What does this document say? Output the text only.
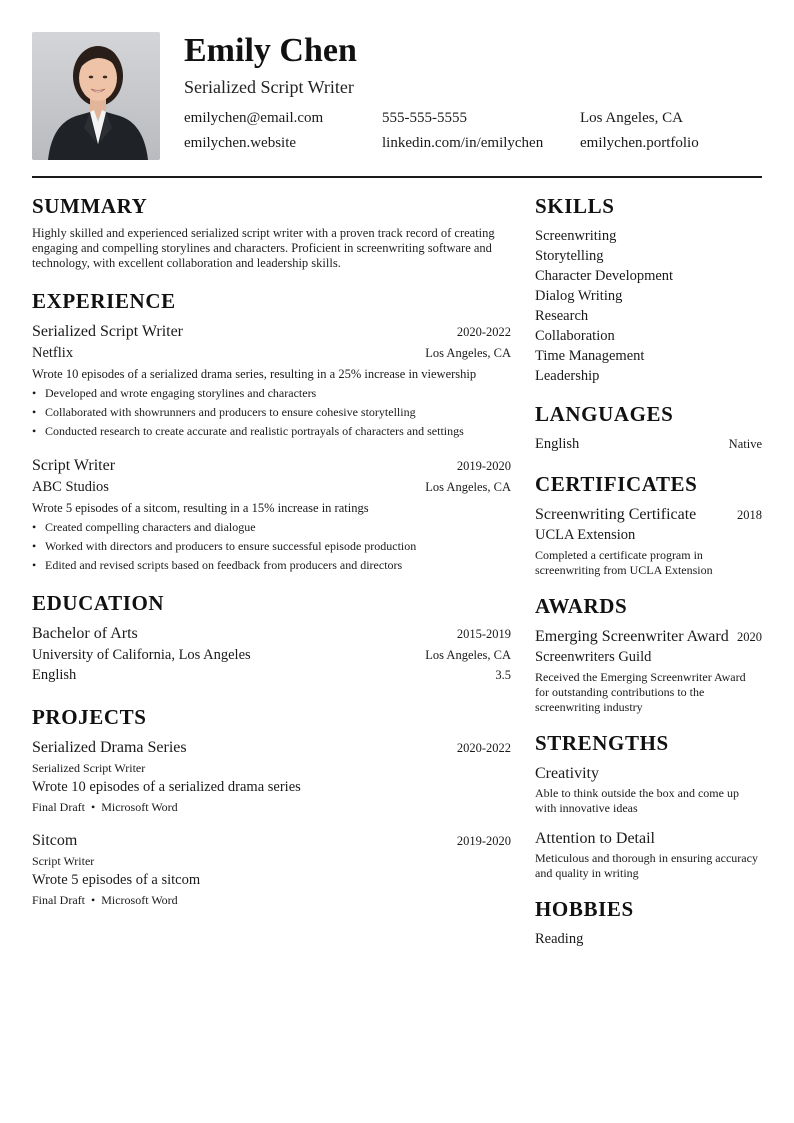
Emily Chen
Serialized Script Writer
emilychen@email.com	555-555-5555	Los Angeles, CA
emilychen.website	linkedin.com/in/emilychen emilychen.portfolio
SUMMARY
Highly skilled and experienced serialized script writer with a proven track record of creating engaging and compelling storylines and characters. Proficient in screenwriting software and technology, with excellent collaboration and leadership skills.
EXPERIENCE
Serialized Script Writer	2020-2022
Netflix	Los Angeles, CA
Wrote 10 episodes of a serialized drama series, resulting in a 25% increase in viewership
• Developed and wrote engaging storylines and characters
• Collaborated with showrunners and producers to ensure cohesive storytelling
• Conducted research to create accurate and realistic portrayals of characters and settings
Script Writer	2019-2020
ABC Studios	Los Angeles, CA
Wrote 5 episodes of a sitcom, resulting in a 15% increase in ratings
• Created compelling characters and dialogue
• Worked with directors and producers to ensure successful episode production
• Edited and revised scripts based on feedback from producers and directors
EDUCATION
Bachelor of Arts	2015-2019
University of California, Los Angeles	Los Angeles, CA
English	3.5
PROJECTS
Serialized Drama Series	2020-2022
Serialized Script Writer
Wrote 10 episodes of a serialized drama series
Final Draft • Microsoft Word
Sitcom	2019-2020
Script Writer
Wrote 5 episodes of a sitcom
Final Draft • Microsoft Word
SKILLS
Screenwriting
Storytelling
Character Development
Dialog Writing
Research
Collaboration
Time Management
Leadership
LANGUAGES
English	Native
CERTIFICATES
Screenwriting Certificate	2018
UCLA Extension
Completed a certificate program in screenwriting from UCLA Extension
AWARDS
Emerging Screenwriter Award 2020
Screenwriters Guild
Received the Emerging Screenwriter Award for outstanding contributions to the screenwriting industry
STRENGTHS
Creativity
Able to think outside the box and come up with innovative ideas
Attention to Detail
Meticulous and thorough in ensuring accuracy and quality in writing
HOBBIES
Reading
